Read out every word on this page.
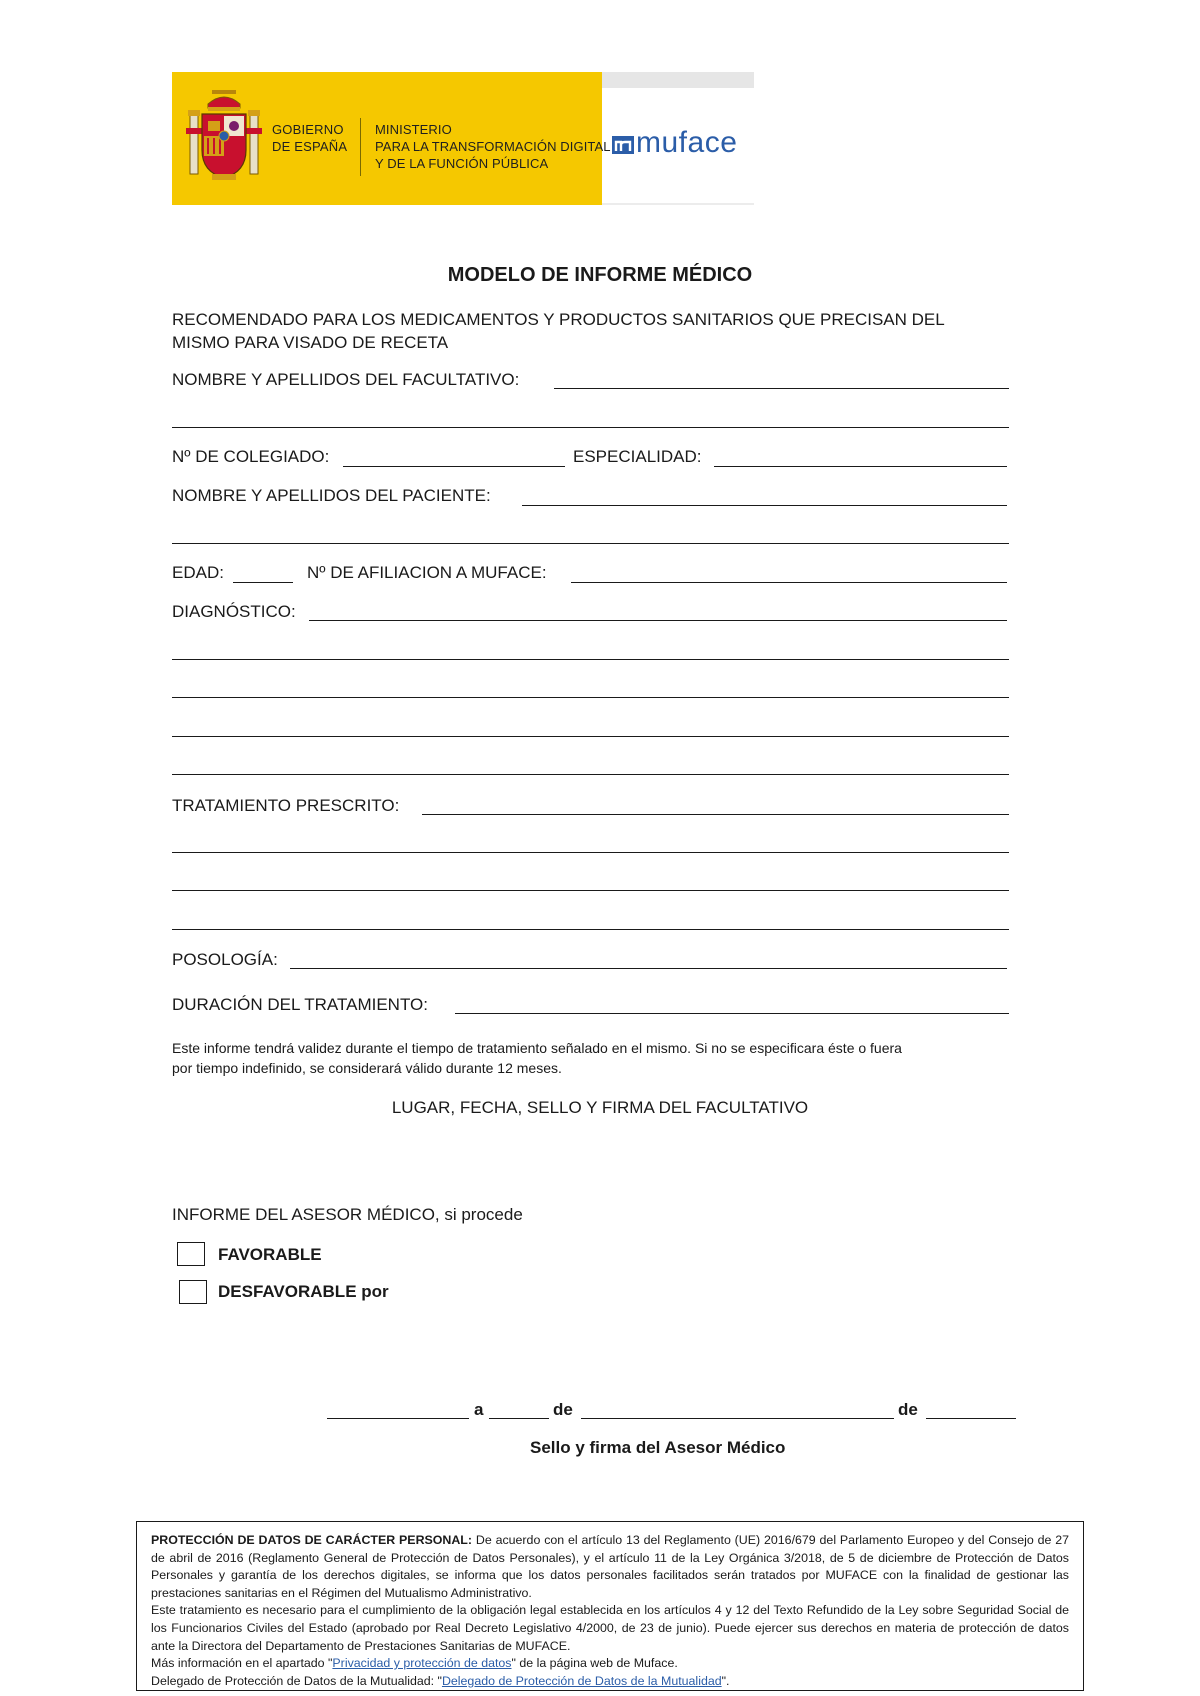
GOBIERNO
DE ESPAÑA
MINISTERIO
PARA LA TRANSFORMACIÓN DIGITAL
Y DE LA FUNCIÓN PÚBLICA
muface
MODELO DE INFORME MÉDICO
RECOMENDADO PARA LOS MEDICAMENTOS Y PRODUCTOS SANITARIOS QUE PRECISAN DEL
MISMO PARA VISADO DE RECETA
NOMBRE Y APELLIDOS DEL FACULTATIVO:
Nº DE COLEGIADO:	ESPECIALIDAD:
NOMBRE Y APELLIDOS DEL PACIENTE:
EDAD:	Nº DE AFILIACION A MUFACE:
DIAGNÓSTICO:
TRATAMIENTO PRESCRITO:
POSOLOGÍA:
DURACIÓN DEL TRATAMIENTO:
Este informe tendrá validez durante el tiempo de tratamiento señalado en el mismo. Si no se especificara éste o fuera
por tiempo indefinido, se considerará válido durante 12 meses.
LUGAR, FECHA, SELLO Y FIRMA DEL FACULTATIVO
INFORME DEL ASESOR MÉDICO, si procede
FAVORABLE
DESFAVORABLE por
a	de	de
Sello y firma del Asesor Médico

PROTECCIÓN DE DATOS DE CARÁCTER PERSONAL: De acuerdo con el artículo 13 del Reglamento (UE) 2016/679 del Parlamento Europeo y del Consejo de 27 de abril de 2016 (Reglamento General de Protección de Datos Personales), y el artículo 11 de la Ley Orgánica 3/2018, de 5 de diciembre de Protección de Datos Personales y garantía de los derechos digitales, se informa que los datos personales facilitados serán tratados por MUFACE con la finalidad de gestionar las prestaciones sanitarias en el Régimen del Mutualismo Administrativo.

Este tratamiento es necesario para el cumplimiento de la obligación legal establecida en los artículos 4 y 12 del Texto Refundido de la Ley sobre Seguridad Social de los Funcionarios Civiles del Estado (aprobado por Real Decreto Legislativo 4/2000, de 23 de junio). Puede ejercer sus derechos en materia de protección de datos ante la Directora del Departamento de Prestaciones Sanitarias de MUFACE.

Más información en el apartado "Privacidad y protección de datos" de la página web de Muface.

Delegado de Protección de Datos de la Mutualidad: "Delegado de Protección de Datos de la Mutualidad".
